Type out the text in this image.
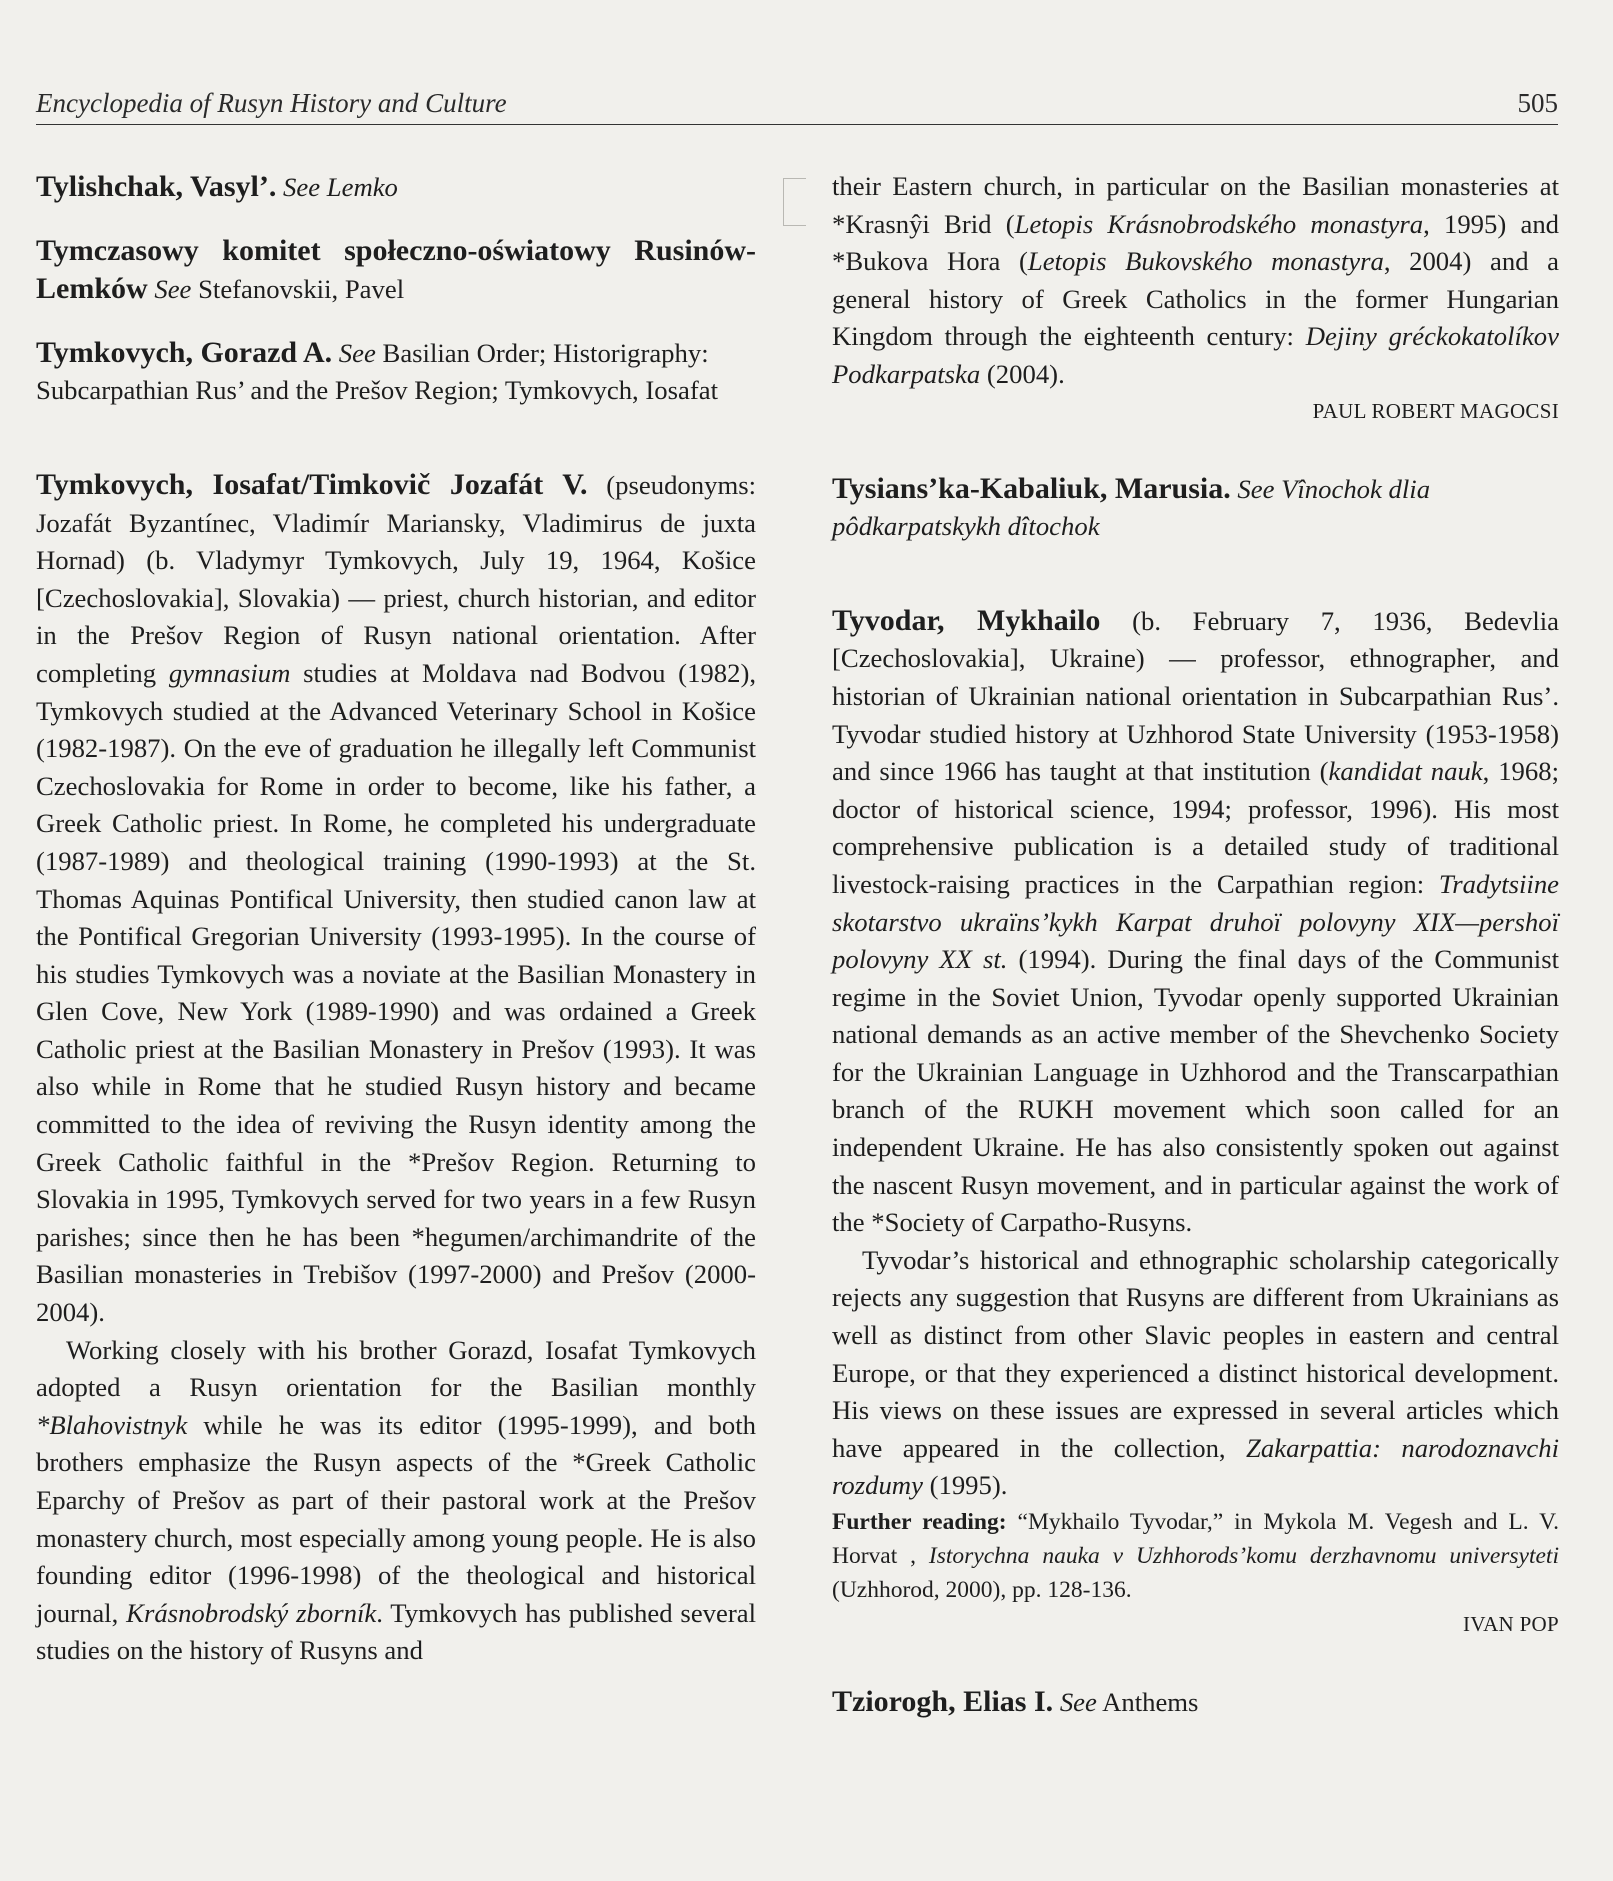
Encyclopedia of Rusyn History and Culture	505

Tylishchak, Vasyl’. See Lemko

Tymczasowy komitet społeczno-oświatowy Rusinów-Lemków See Stefanovskii, Pavel

Tymkovych, Gorazd A. See Basilian Order; Historigraphy: Subcarpathian Rus’ and the Prešov Region; Tymkovych, Iosafat

Tymkovych, Iosafat/Timkovič Jozafát V. (pseudonyms: Jozafát Byzantínec, Vladimír Mariansky, Vladimirus de juxta Hornad) (b. Vladymyr Tymkovych, July 19, 1964, Košice [Czechoslovakia], Slovakia) — priest, church historian, and editor in the Prešov Region of Rusyn national orientation. After completing gymnasium studies at Moldava nad Bodvou (1982), Tymkovych studied at the Advanced Veterinary School in Košice (1982-1987). On the eve of graduation he illegally left Communist Czechoslovakia for Rome in order to become, like his father, a Greek Catholic priest. In Rome, he completed his undergraduate (1987-1989) and theological training (1990-1993) at the St. Thomas Aquinas Pontifical University, then studied canon law at the Pontifical Gregorian University (1993-1995). In the course of his studies Tymkovych was a noviate at the Basilian Monastery in Glen Cove, New York (1989-1990) and was ordained a Greek Catholic priest at the Basilian Monastery in Prešov (1993). It was also while in Rome that he studied Rusyn history and became committed to the idea of reviving the Rusyn identity among the Greek Catholic faithful in the *Prešov Region. Returning to Slovakia in 1995, Tymkovych served for two years in a few Rusyn parishes; since then he has been *hegumen/archimandrite of the Basilian monasteries in Trebišov (1997-2000) and Prešov (2000-2004).

Working closely with his brother Gorazd, Iosafat Tymkovych adopted a Rusyn orientation for the Basilian monthly *Blahovistnyk while he was its editor (1995-1999), and both brothers emphasize the Rusyn aspects of the *Greek Catholic Eparchy of Prešov as part of their pastoral work at the Prešov monastery church, most especially among young people. He is also founding editor (1996-1998) of the theological and historical journal, Krásnobrodský zborník. Tymkovych has published several studies on the history of Rusyns and

their Eastern church, in particular on the Basilian monasteries at *Krasnŷi Brid (Letopis Krásnobrodského monastyra, 1995) and *Bukova Hora (Letopis Bukovského monastyra, 2004) and a general history of Greek Catholics in the former Hungarian Kingdom through the eighteenth century: Dejiny gréckokatolíkov Podkarpatska (2004).

PAUL ROBERT MAGOCSI

Tysians’ka-Kabaliuk, Marusia. See Vînochok dlia pôdkarpatskykh dîtochok

Tyvodar, Mykhailo (b. February 7, 1936, Bedevlia [Czechoslovakia], Ukraine) — professor, ethnographer, and historian of Ukrainian national orientation in Subcarpathian Rus’. Tyvodar studied history at Uzhhorod State University (1953-1958) and since 1966 has taught at that institution (kandidat nauk, 1968; doctor of historical science, 1994; professor, 1996). His most comprehensive publication is a detailed study of traditional livestock-raising practices in the Carpathian region: Tradytsiine skotarstvo ukraïns’kykh Karpat druhoï polovyny XIX—pershoï polovyny XX st. (1994). During the final days of the Communist regime in the Soviet Union, Tyvodar openly supported Ukrainian national demands as an active member of the Shevchenko Society for the Ukrainian Language in Uzhhorod and the Transcarpathian branch of the RUKH movement which soon called for an independent Ukraine. He has also consistently spoken out against the nascent Rusyn movement, and in particular against the work of the *Society of Carpatho-Rusyns.

Tyvodar’s historical and ethnographic scholarship categorically rejects any suggestion that Rusyns are different from Ukrainians as well as distinct from other Slavic peoples in eastern and central Europe, or that they experienced a distinct historical development. His views on these issues are expressed in several articles which have appeared in the collection, Zakarpattia: narodoznavchi rozdumy (1995).

Further reading: “Mykhailo Tyvodar,” in Mykola M. Vegesh and L. V. Horvat , Istorychna nauka v Uzhhorods’komu derzhavnomu universyteti (Uzhhorod, 2000), pp. 128-136.

IVAN POP

Tziorogh, Elias I. See Anthems
